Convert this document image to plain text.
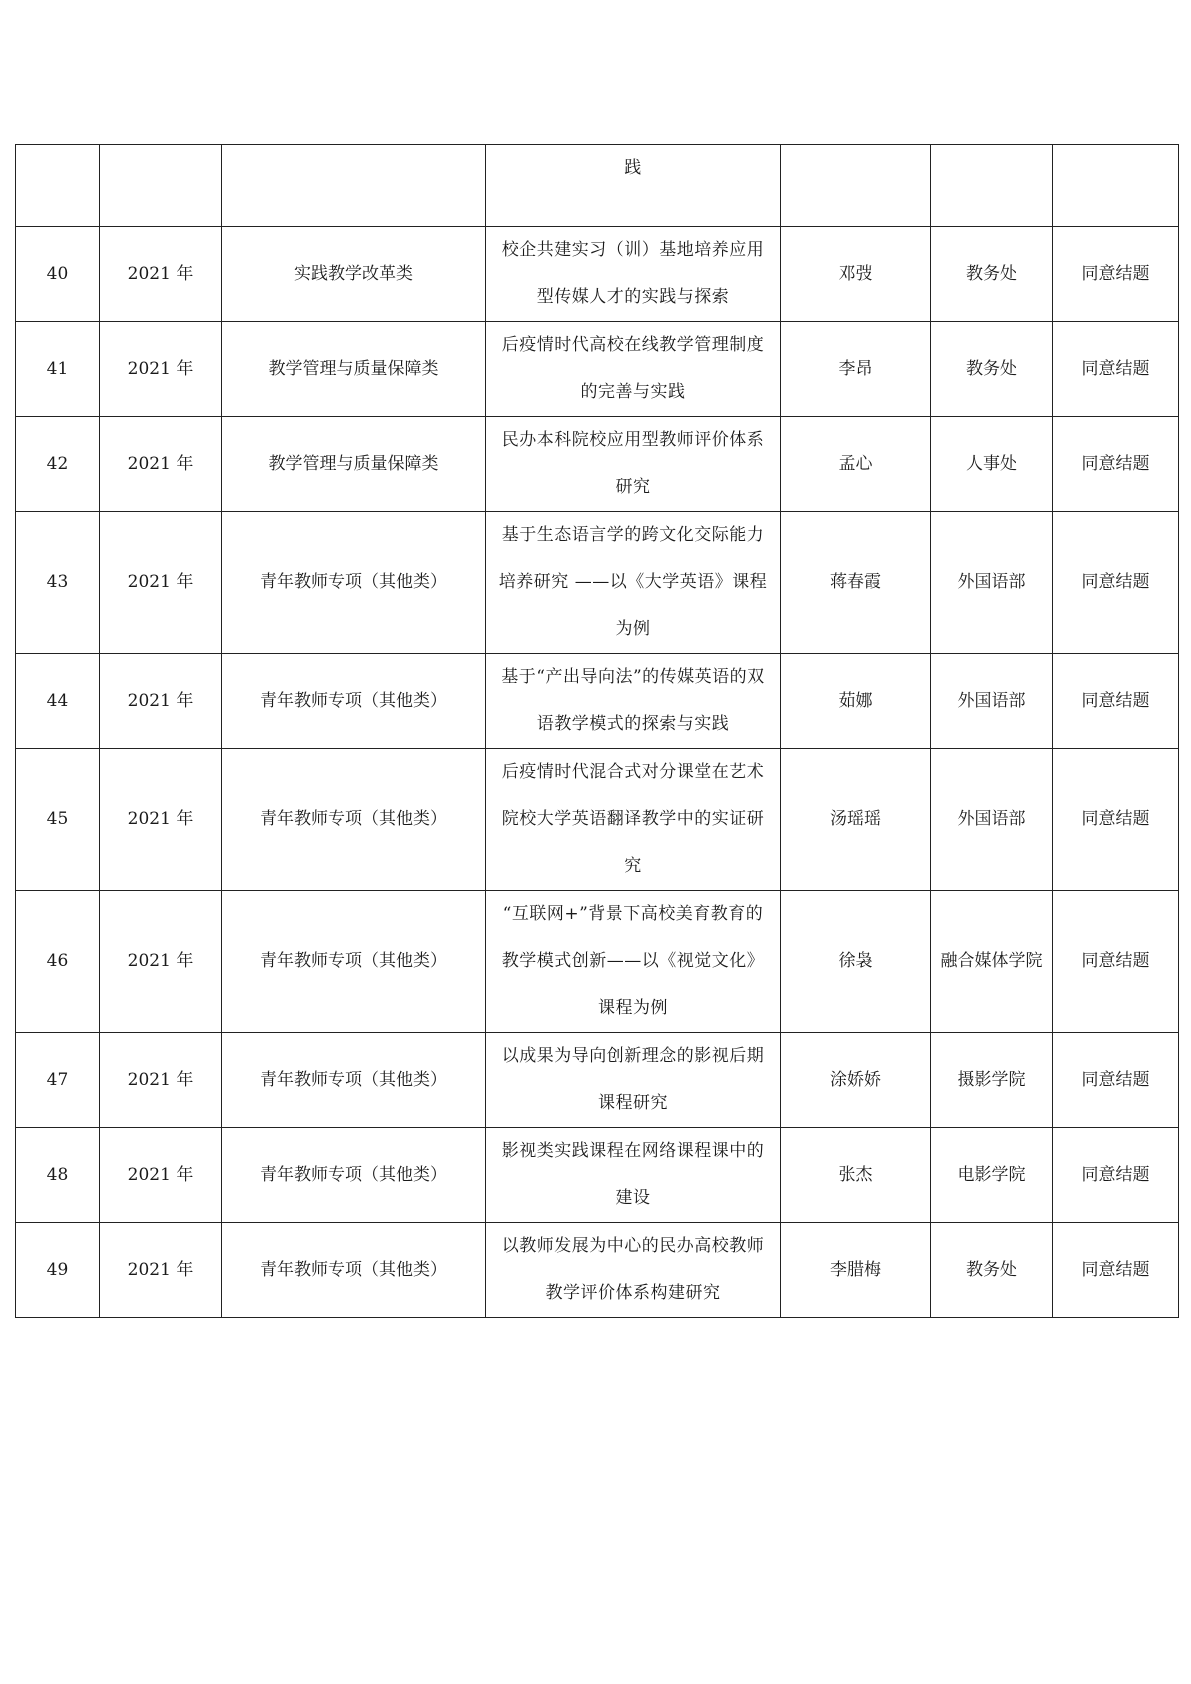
			践			
40	2021 年	实践教学改革类	校企共建实习（训）基地培养应用型传媒人才的实践与探索	邓弢	教务处	同意结题
41	2021 年	教学管理与质量保障类	后疫情时代高校在线教学管理制度的完善与实践	李昂	教务处	同意结题
42	2021 年	教学管理与质量保障类	民办本科院校应用型教师评价体系研究	孟心	人事处	同意结题
43	2021 年	青年教师专项（其他类）	基于生态语言学的跨文化交际能力培养研究 ——以《大学英语》课程为例	蒋春霞	外国语部	同意结题
44	2021 年	青年教师专项（其他类）	基于“产出导向法”的传媒英语的双语教学模式的探索与实践	茹娜	外国语部	同意结题
45	2021 年	青年教师专项（其他类）	后疫情时代混合式对分课堂在艺术院校大学英语翻译教学中的实证研究	汤瑶瑶	外国语部	同意结题
46	2021 年	青年教师专项（其他类）	“互联网+”背景下高校美育教育的教学模式创新——以《视觉文化》课程为例	徐袅	融合媒体学院	同意结题
47	2021 年	青年教师专项（其他类）	以成果为导向创新理念的影视后期课程研究	涂娇娇	摄影学院	同意结题
48	2021 年	青年教师专项（其他类）	影视类实践课程在网络课程课中的建设	张杰	电影学院	同意结题
49	2021 年	青年教师专项（其他类）	以教师发展为中心的民办高校教师教学评价体系构建研究	李腊梅	教务处	同意结题
